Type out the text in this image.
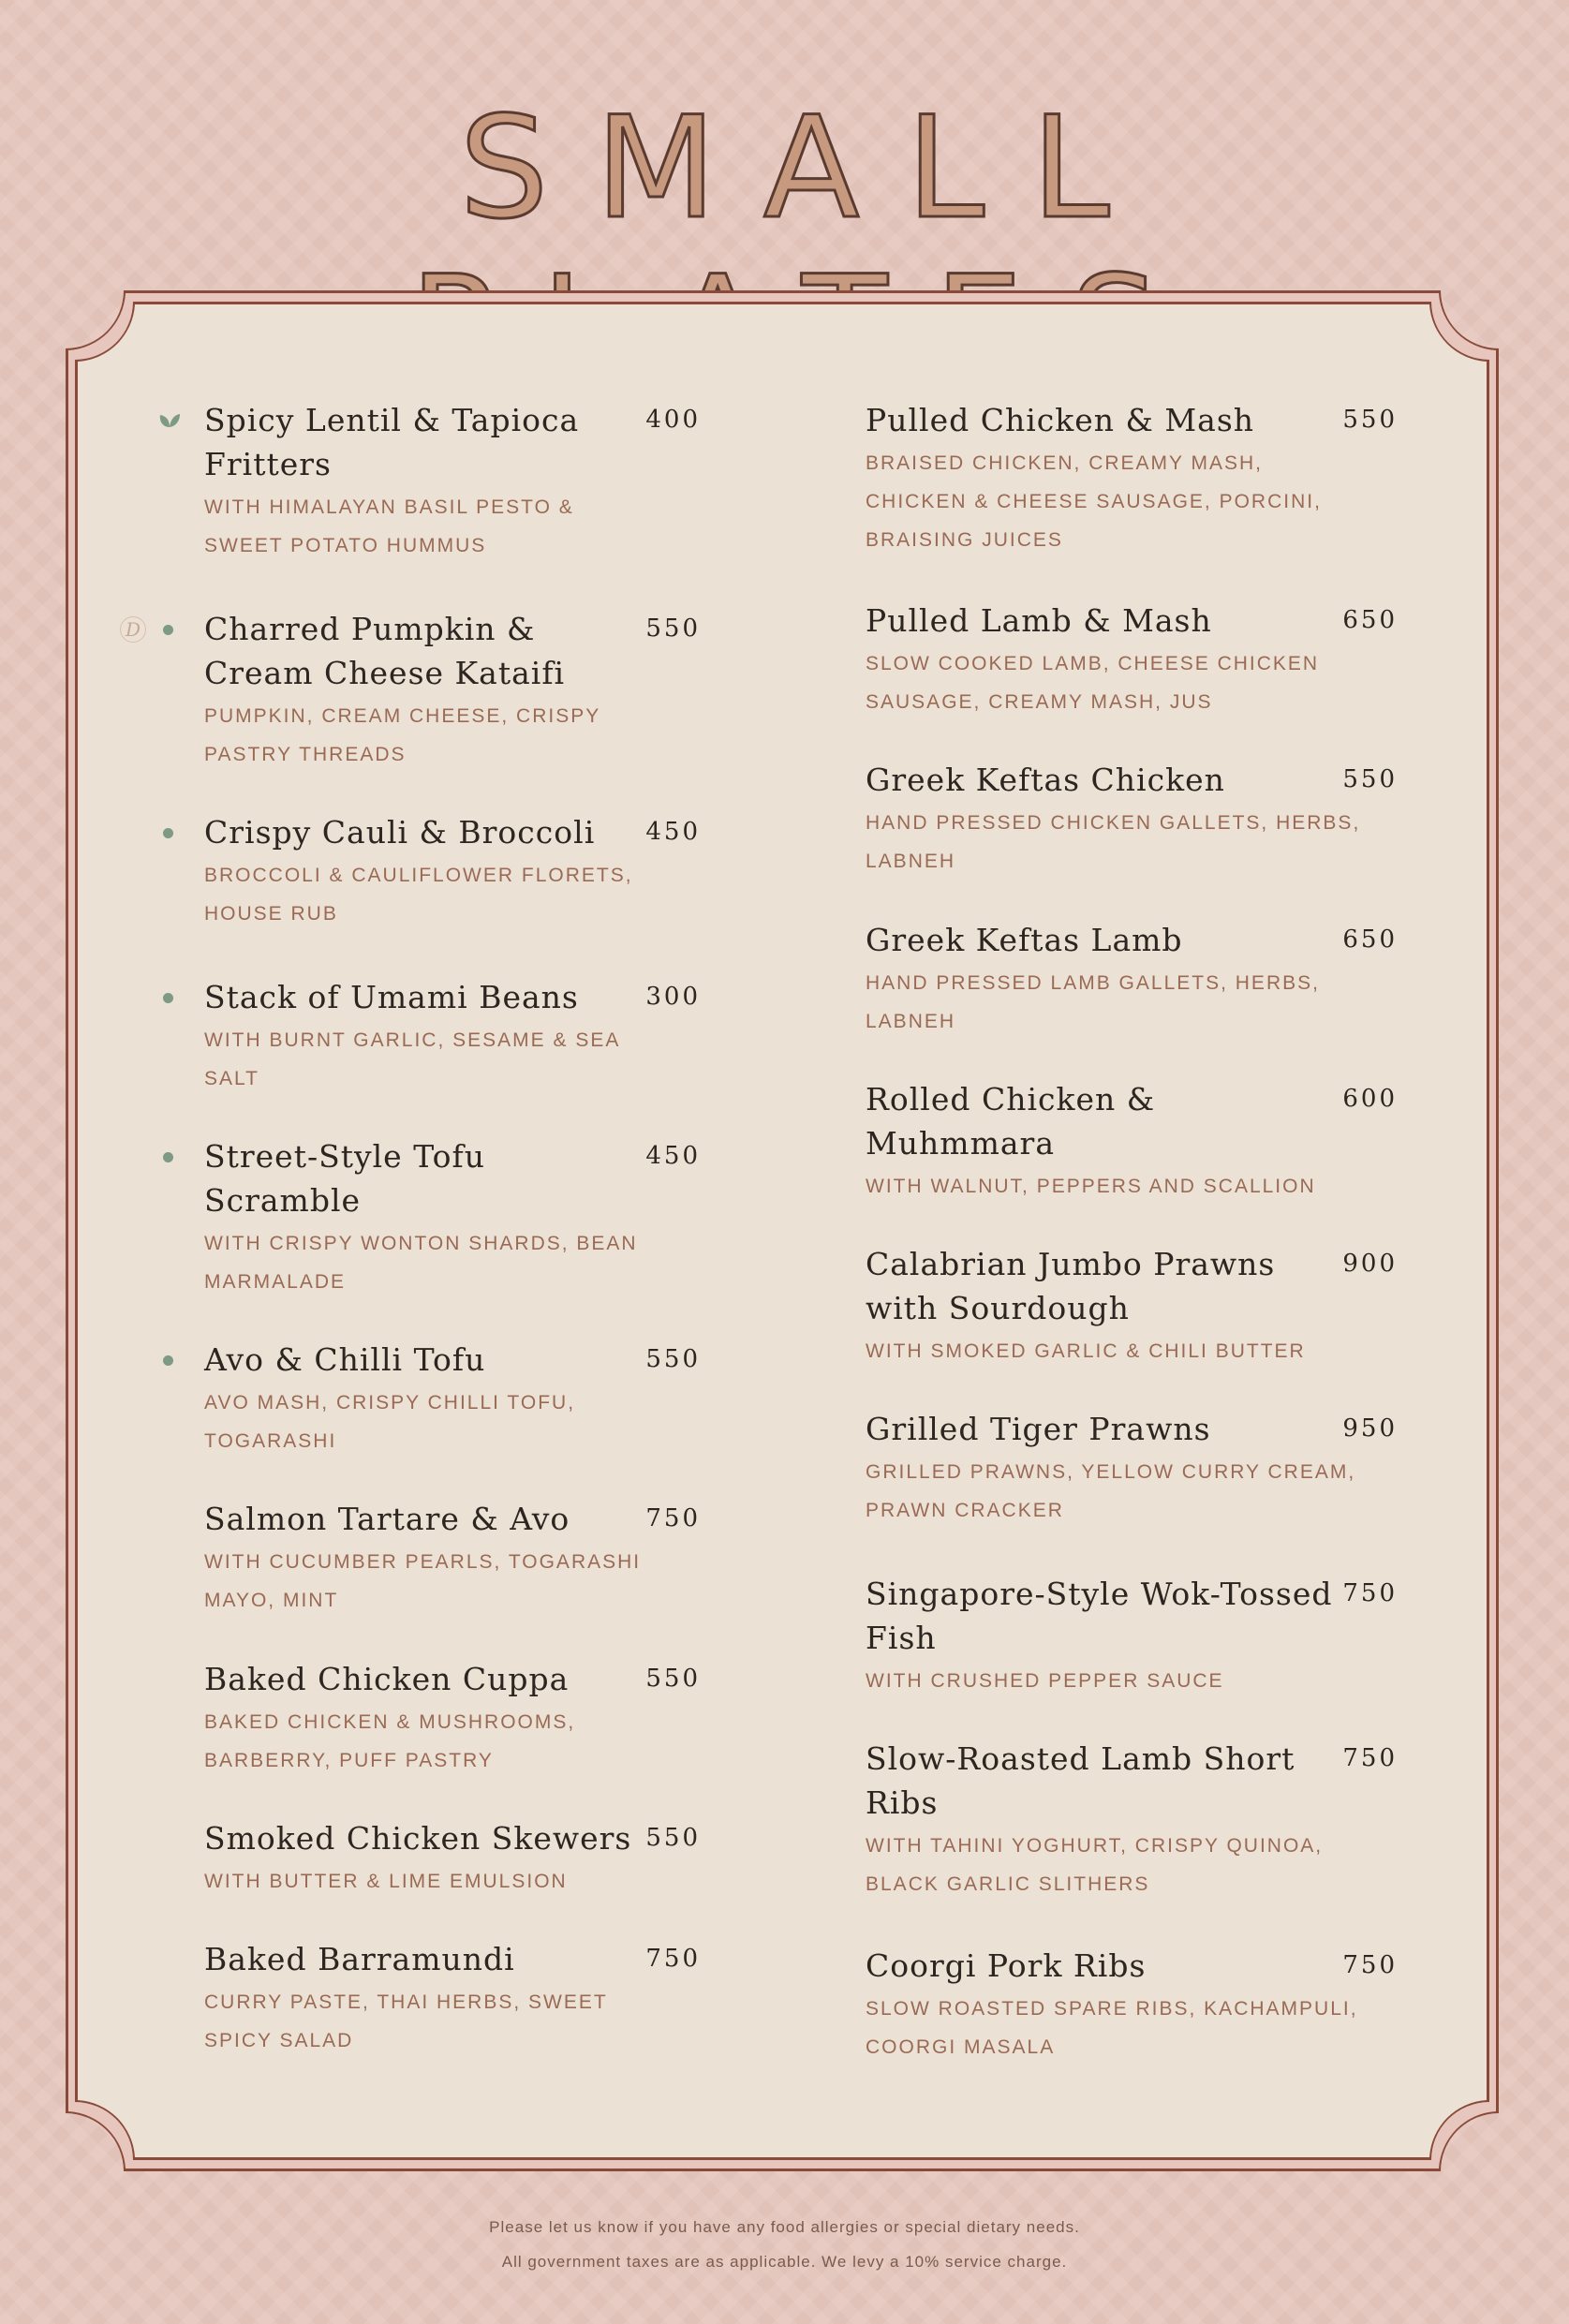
SMALL
Spicy Lentil & Tapioca
Fritters
WITH HIMALAYAN BASIL PESTO &
SWEET POTATO HUMMUS
400
Charred Pumpkin &
Cream Cheese Kataifi
PUMPKIN, CREAM CHEESE, CRISPY
PASTRY THREADS
550
D
Crispy Cauli & Broccoli
BROCCOLI & CAULIFLOWER FLORETS,
HOUSE RUB
450
Stack of Umami Beans
WITH BURNT GARLIC, SESAME & SEA
SALT
300
Street-Style Tofu
Scramble
WITH CRISPY WONTON SHARDS, BEAN
MARMALADE
450
Avo & Chilli Tofu
AVO MASH, CRISPY CHILLI TOFU,
TOGARASHI
550
Salmon Tartare & Avo
WITH CUCUMBER PEARLS, TOGARASHI
MAYO, MINT
750
Baked Chicken Cuppa
BAKED CHICKEN & MUSHROOMS,
BARBERRY, PUFF PASTRY
550
Smoked Chicken Skewers
WITH BUTTER & LIME EMULSION
550
Baked Barramundi
CURRY PASTE, THAI HERBS, SWEET
SPICY SALAD
750
Pulled Chicken & Mash
BRAISED CHICKEN, CREAMY MASH,
CHICKEN & CHEESE SAUSAGE, PORCINI,
BRAISING JUICES
550
Pulled Lamb & Mash
SLOW COOKED LAMB, CHEESE CHICKEN
SAUSAGE, CREAMY MASH, JUS
650
Greek Keftas Chicken
HAND PRESSED CHICKEN GALLETS, HERBS,
LABNEH
550
Greek Keftas Lamb
HAND PRESSED LAMB GALLETS, HERBS,
LABNEH
650
Rolled Chicken &
Muhmmara
WITH WALNUT, PEPPERS AND SCALLION
600
Calabrian Jumbo Prawns
with Sourdough
WITH SMOKED GARLIC & CHILI BUTTER
900
Grilled Tiger Prawns
GRILLED PRAWNS, YELLOW CURRY CREAM,
PRAWN CRACKER
950
Singapore-Style Wok-Tossed
Fish
WITH CRUSHED PEPPER SAUCE
750
Slow-Roasted Lamb Short
Ribs
WITH TAHINI YOGHURT, CRISPY QUINOA,
BLACK GARLIC SLITHERS
750
Coorgi Pork Ribs
SLOW ROASTED SPARE RIBS, KACHAMPULI,
COORGI MASALA
750
Please let us know if you have any food allergies or special dietary needs.
All government taxes are as applicable. We levy a 10% service charge.
